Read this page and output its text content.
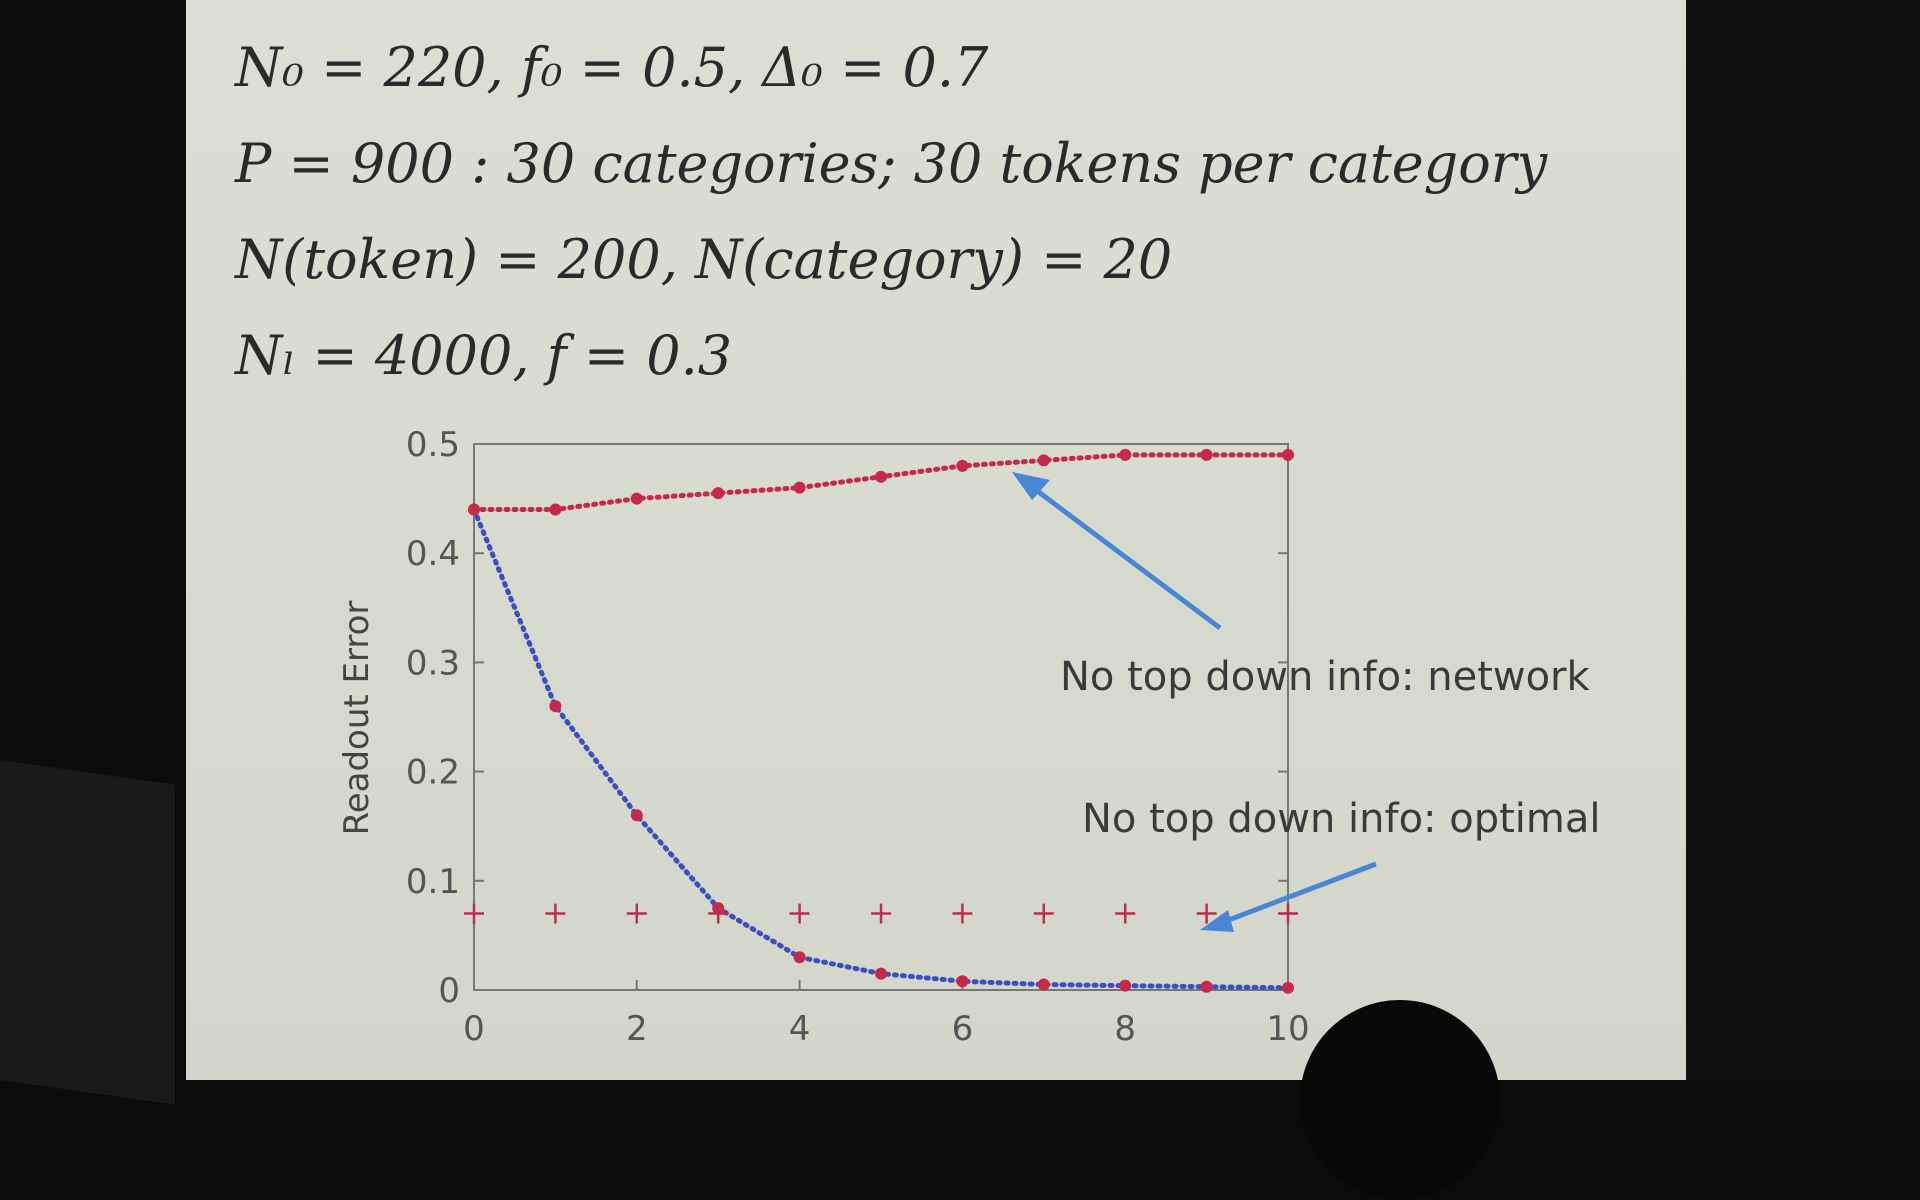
N₀ = 220, f₀ = 0.5, Δ₀ = 0.7
P = 900 : 30 categories; 30 tokens per category
N(token) = 200, N(category) = 20
Nₗ = 4000, f = 0.3
0
0.1
0.2
0.3
0.4
0.5
0	2	4	6	8	10
Readout Error	No top down info: network
No top down info: optimal
